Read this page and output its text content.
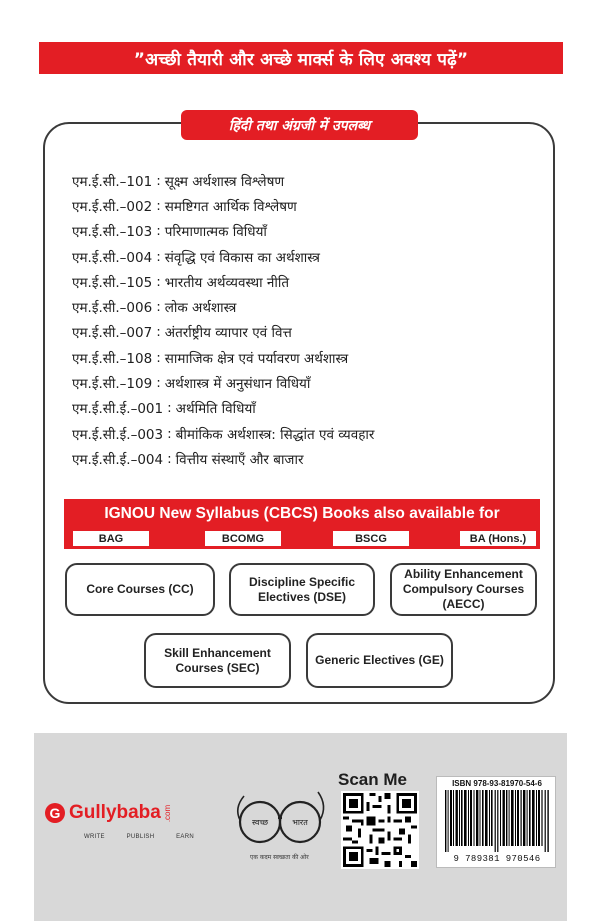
”अच्छी तैयारी और अच्छे मार्क्स के लिए अवश्य पढ़ें”
हिंदी तथा अंग्रजी में उपलब्ध
एम.ई.सी.–101 : सूक्ष्म अर्थशास्त्र विश्लेषण
एम.ई.सी.–002 : समष्टिगत आर्थिक विश्लेषण
एम.ई.सी.–103 : परिमाणात्मक विधियाँ
एम.ई.सी.–004 : संवृद्धि एवं विकास का अर्थशास्त्र
एम.ई.सी.–105 : भारतीय अर्थव्यवस्था नीति
एम.ई.सी.–006 : लोक अर्थशास्त्र
एम.ई.सी.–007 : अंतर्राष्ट्रीय व्यापार एवं वित्त
एम.ई.सी.–108 : सामाजिक क्षेत्र एवं पर्यावरण अर्थशास्त्र
एम.ई.सी.–109 : अर्थशास्त्र में अनुसंधान विधियाँ
एम.ई.सी.ई.–001 : अर्थमिति विधियाँ
एम.ई.सी.ई.–003 : बीमांकिक अर्थशास्त्र: सिद्धांत एवं व्यवहार
एम.ई.सी.ई.–004 : वित्तीय संस्थाएँ और बाजार
IGNOU New Syllabus (CBCS) Books also available for
BAG	BCOMG	BSCG	BA (Hons.)
Core Courses (CC)
Discipline Specific Electives (DSE)
Ability Enhancement Compulsory Courses (AECC)
Skill Enhancement Courses (SEC)
Generic Electives (GE)
G Gullybaba .com
WRITE	PUBLISH	EARN
स्वच्छ	भारत
एक कदम स्वच्छता की ओर
Scan Me	ISBN 978-93-81970-54-6
9 789381 970546
